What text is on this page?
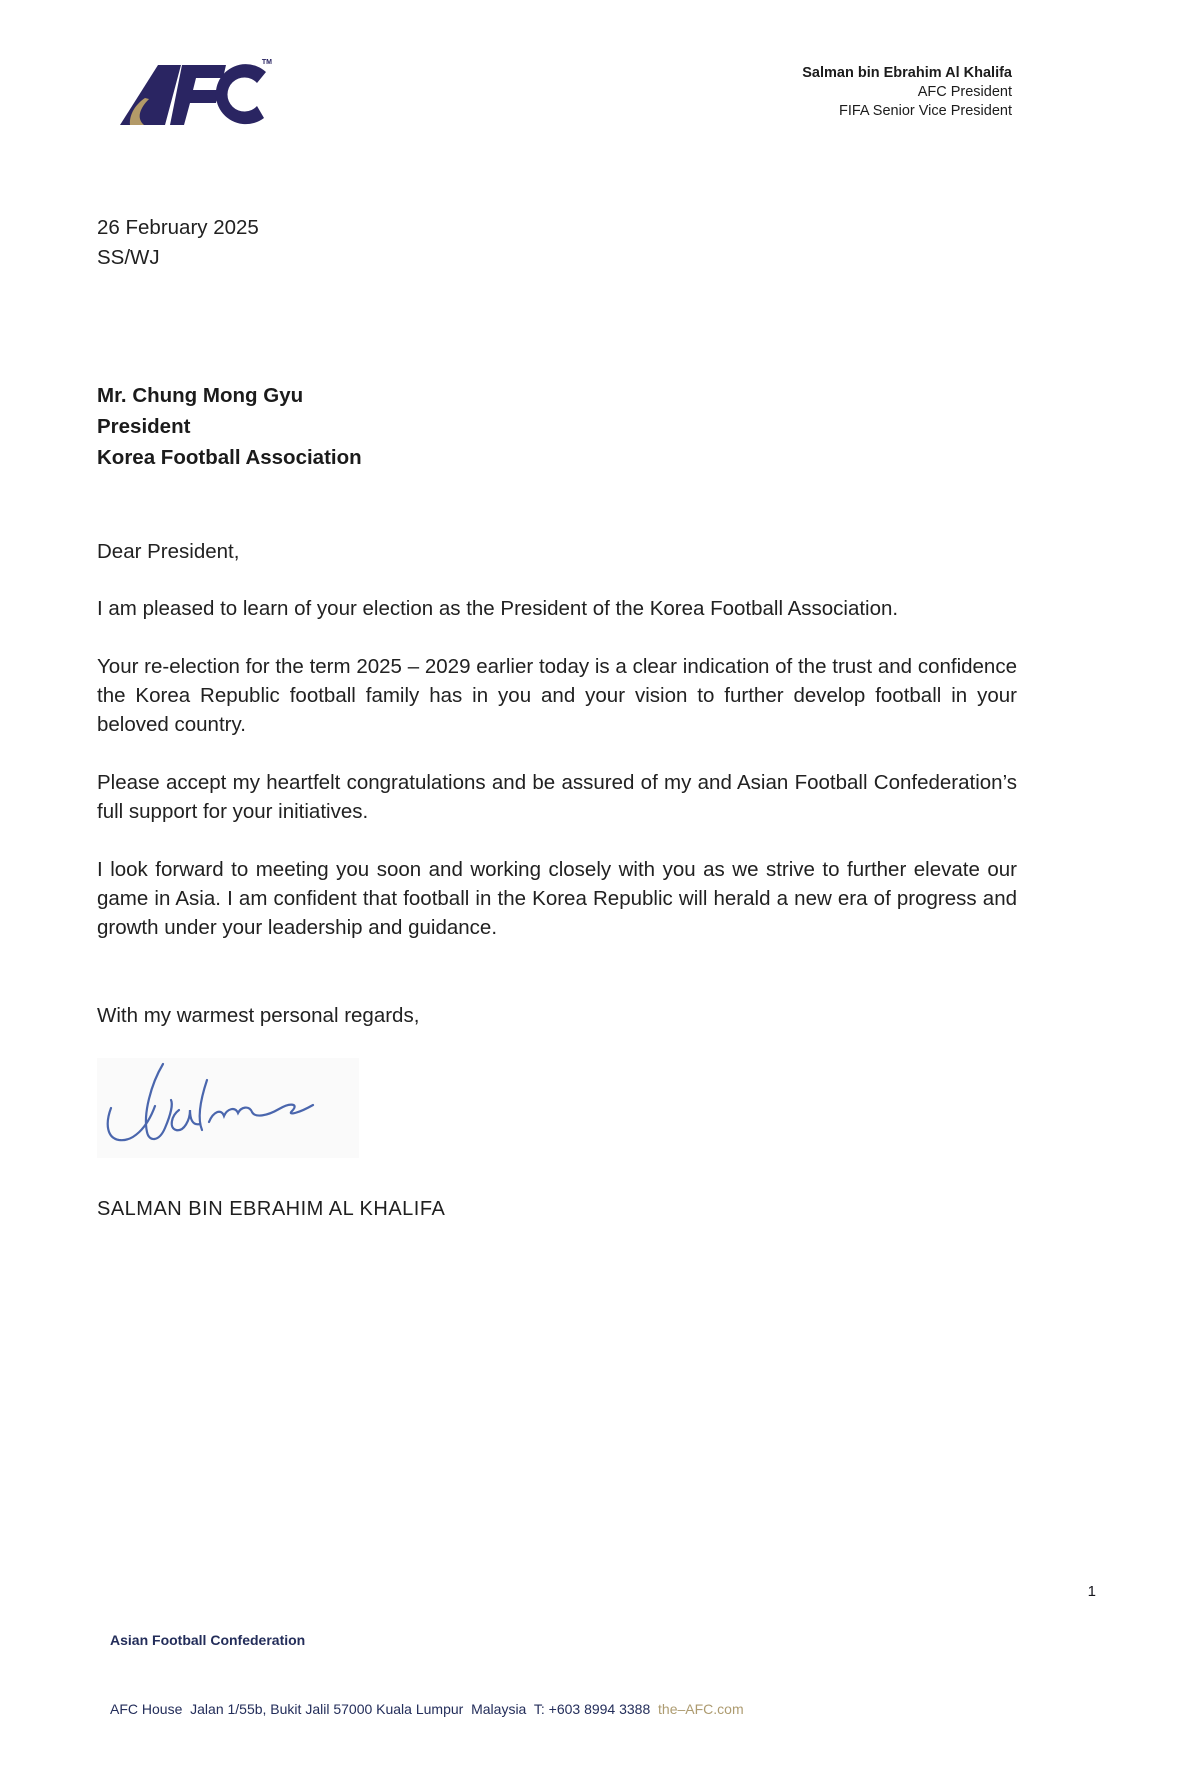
TM
Salman bin Ebrahim Al Khalifa
AFC President
FIFA Senior Vice President
26 February 2025
SS/WJ
Mr. Chung Mong Gyu
President
Korea Football Association
Dear President,

I am pleased to learn of your election as the President of the Korea Football Association.

Your re-election for the term 2025 – 2029 earlier today is a clear indication of the trust and confidence the Korea Republic football family has in you and your vision to further develop football in your beloved country.

Please accept my heartfelt congratulations and be assured of my and Asian Football Confederation’s full support for your initiatives.

I look forward to meeting you soon and working closely with you as we strive to further elevate our game in Asia. I am confident that football in the Korea Republic will herald a new era of progress and growth under your leadership and guidance.

With my warmest personal regards,
SALMAN BIN EBRAHIM AL KHALIFA

Asian Football Confederation

AFC House  Jalan 1/55b, Bukit Jalil 57000 Kuala Lumpur  Malaysia  T: +603 8994 3388  the–AFC.com

1
